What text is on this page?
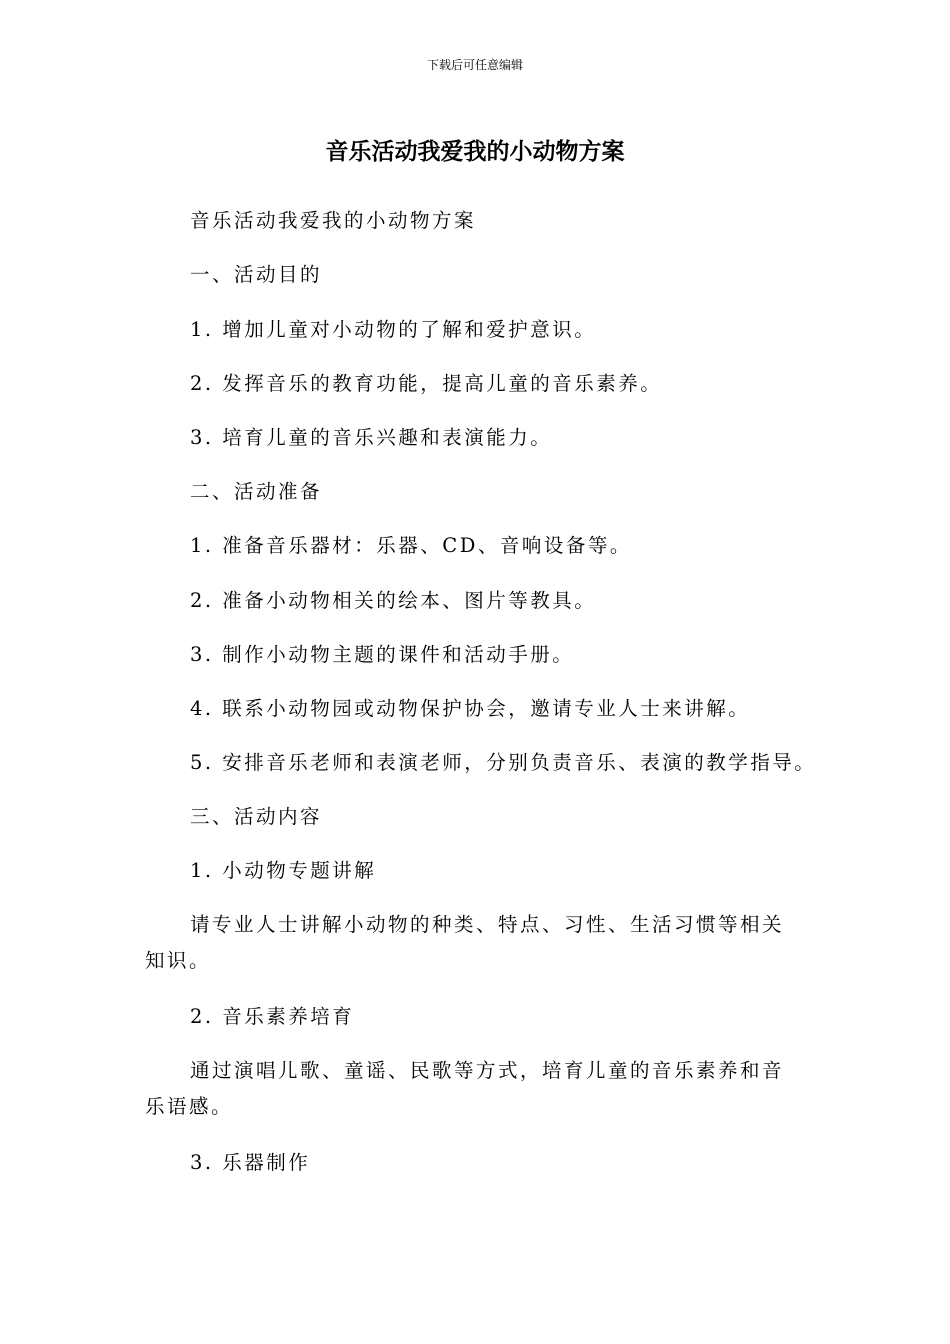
下载后可任意编辑
音乐活动我爱我的小动物方案

音乐活动我爱我的小动物方案

一、活动目的

1. 增加儿童对小动物的了解和爱护意识。

2. 发挥音乐的教育功能，提高儿童的音乐素养。

3. 培育儿童的音乐兴趣和表演能力。

二、活动准备

1. 准备音乐器材：乐器、CD、音响设备等。

2. 准备小动物相关的绘本、图片等教具。

3. 制作小动物主题的课件和活动手册。

4. 联系小动物园或动物保护协会，邀请专业人士来讲解。

5. 安排音乐老师和表演老师，分别负责音乐、表演的教学指导。

三、活动内容

1. 小动物专题讲解

请专业人士讲解小动物的种类、特点、习性、生活习惯等相关知识。

2. 音乐素养培育

通过演唱儿歌、童谣、民歌等方式，培育儿童的音乐素养和音乐语感。

3. 乐器制作
